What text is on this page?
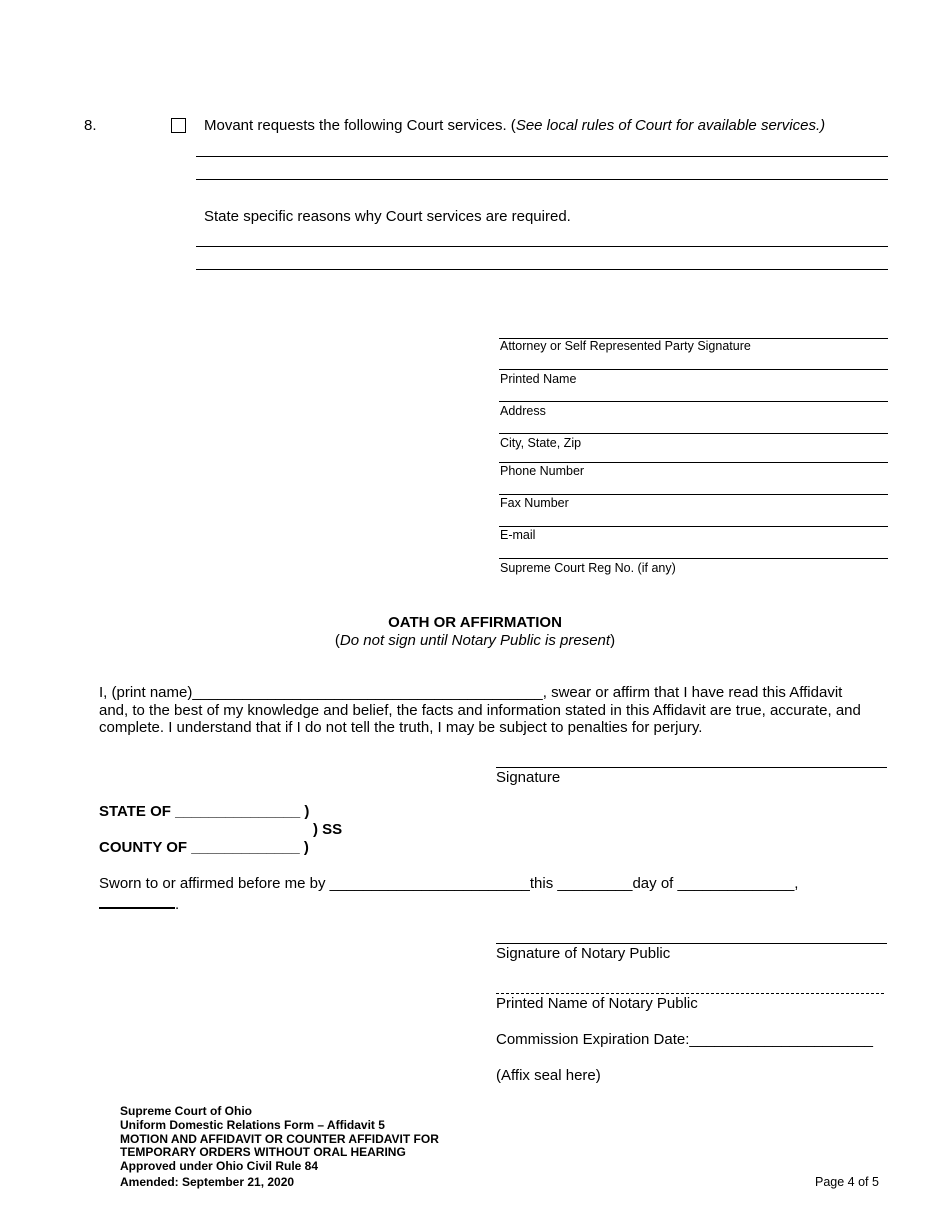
8.	Movant requests the following Court services. (See local rules of Court for available services.)
State specific reasons why Court services are required.
Attorney or Self Represented Party Signature
Printed Name
Address
City, State, Zip
Phone Number
Fax Number
E-mail
Supreme Court Reg No. (if any)
OATH OR AFFIRMATION
(Do not sign until Notary Public is present)
I, (print name)__________________________________________, swear or affirm that I have read this Affidavit
and, to the best of my knowledge and belief, the facts and information stated in this Affidavit are true, accurate, and
complete. I understand that if I do not tell the truth, I may be subject to penalties for perjury.
Signature
STATE OF _______________ )
) SS
COUNTY OF _____________ )
Sworn to or affirmed before me by ________________________this _________day of ______________,
.
Signature of Notary Public
Printed Name of Notary Public
Commission Expiration Date:______________________
(Affix seal here)
Supreme Court of Ohio
Uniform Domestic Relations Form – Affidavit 5
MOTION AND AFFIDAVIT OR COUNTER AFFIDAVIT FOR
TEMPORARY ORDERS WITHOUT ORAL HEARING
Approved under Ohio Civil Rule 84
Amended: September 21, 2020	Page 4 of 5
